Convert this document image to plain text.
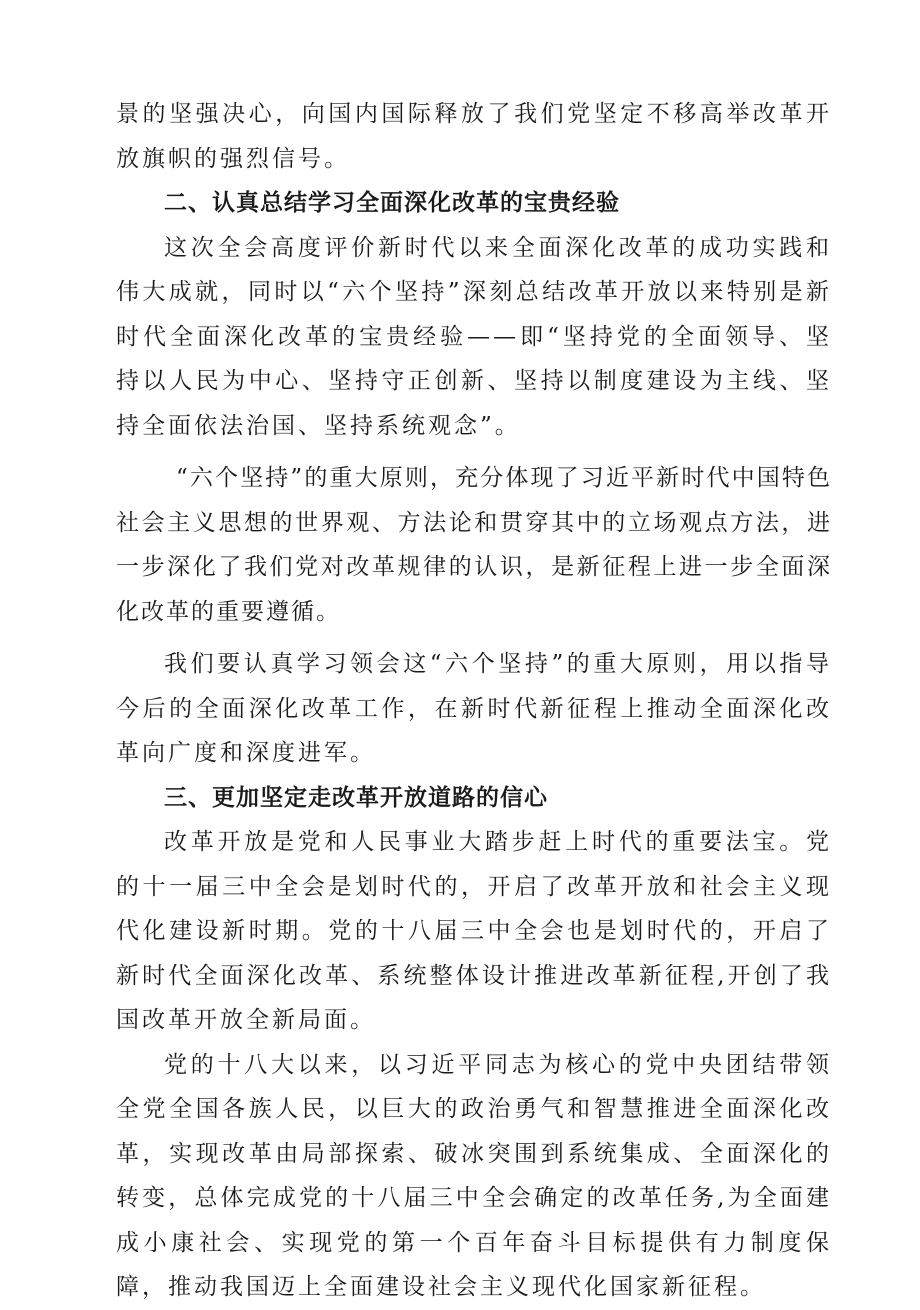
景的坚强决心，向国内国际释放了我们党坚定不移高举改革开放旗帜的强烈信号。

二、认真总结学习全面深化改革的宝贵经验

这次全会高度评价新时代以来全面深化改革的成功实践和伟大成就，同时以“六个坚持”深刻总结改革开放以来特别是新时代全面深化改革的宝贵经验——即“坚持党的全面领导、坚持以人民为中心、坚持守正创新、坚持以制度建设为主线、坚持全面依法治国、坚持系统观念”。

“六个坚持”的重大原则，充分体现了习近平新时代中国特色社会主义思想的世界观、方法论和贯穿其中的立场观点方法，进一步深化了我们党对改革规律的认识，是新征程上进一步全面深化改革的重要遵循。

我们要认真学习领会这“六个坚持”的重大原则，用以指导今后的全面深化改革工作，在新时代新征程上推动全面深化改革向广度和深度进军。

三、更加坚定走改革开放道路的信心

改革开放是党和人民事业大踏步赶上时代的重要法宝。党的十一届三中全会是划时代的，开启了改革开放和社会主义现代化建设新时期。党的十八届三中全会也是划时代的，开启了新时代全面深化改革、系统整体设计推进改革新征程,开创了我国改革开放全新局面。

党的十八大以来，以习近平同志为核心的党中央团结带领全党全国各族人民，以巨大的政治勇气和智慧推进全面深化改革，实现改革由局部探索、破冰突围到系统集成、全面深化的转变，总体完成党的十八届三中全会确定的改革任务,为全面建成小康社会、实现党的第一个百年奋斗目标提供有力制度保障，推动我国迈上全面建设社会主义现代化国家新征程。
